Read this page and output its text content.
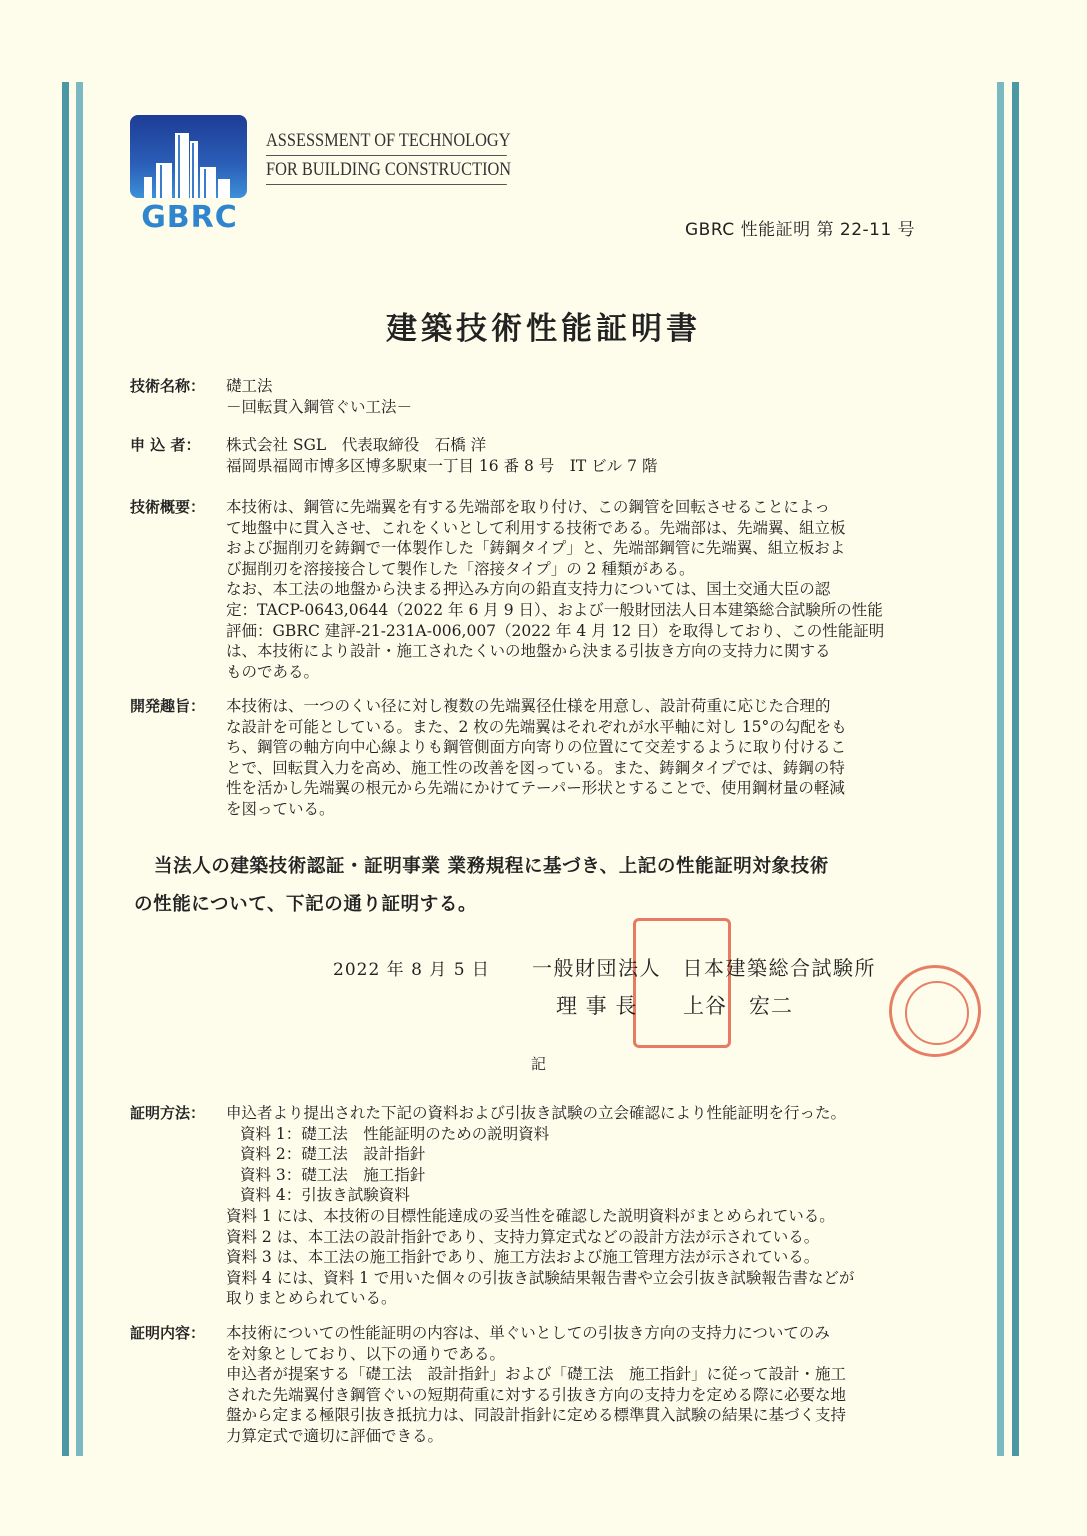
GBRC
ASSESSMENT OF TECHNOLOGY
FOR BUILDING CONSTRUCTION
GBRC 性能証明 第 22-11 号
建築技術性能証明書
技術名称：	礎工法
－回転貫入鋼管ぐい工法－
申 込 者：	株式会社 SGL　代表取締役　石橋 洋
福岡県福岡市博多区博多駅東一丁目 16 番 8 号　IT ビル 7 階
技術概要：	本技術は、鋼管に先端翼を有する先端部を取り付け、この鋼管を回転させることによっ
て地盤中に貫入させ、これをくいとして利用する技術である。先端部は、先端翼、組立板
および掘削刃を鋳鋼で一体製作した「鋳鋼タイプ」と、先端部鋼管に先端翼、組立板およ
び掘削刃を溶接接合して製作した「溶接タイプ」の 2 種類がある。
なお、本工法の地盤から決まる押込み方向の鉛直支持力については、国土交通大臣の認
定：TACP-0643,0644（2022 年 6 月 9 日）、および一般財団法人日本建築総合試験所の性能
評価：GBRC 建評-21-231A-006,007（2022 年 4 月 12 日）を取得しており、この性能証明
は、本技術により設計・施工されたくいの地盤から決まる引抜き方向の支持力に関する
ものである。
開発趣旨：	本技術は、一つのくい径に対し複数の先端翼径仕様を用意し、設計荷重に応じた合理的
な設計を可能としている。また、2 枚の先端翼はそれぞれが水平軸に対し 15°の勾配をも
ち、鋼管の軸方向中心線よりも鋼管側面方向寄りの位置にて交差するように取り付けるこ
とで、回転貫入力を高め、施工性の改善を図っている。また、鋳鋼タイプでは、鋳鋼の特
性を活かし先端翼の根元から先端にかけてテーパー形状とすることで、使用鋼材量の軽減
を図っている。
当法人の建築技術認証・証明事業 業務規程に基づき、上記の性能証明対象技術
の性能について、下記の通り証明する。
2022 年 8 月 5 日 一般財団法人　日本建築総合試験所
理 事 長 上谷　宏二
記
証明方法：	申込者より提出された下記の資料および引抜き試験の立会確認により性能証明を行った。
資料 1：礎工法　性能証明のための説明資料
資料 2：礎工法　設計指針
資料 3：礎工法　施工指針
資料 4：引抜き試験資料
資料 1 には、本技術の目標性能達成の妥当性を確認した説明資料がまとめられている。
資料 2 は、本工法の設計指針であり、支持力算定式などの設計方法が示されている。
資料 3 は、本工法の施工指針であり、施工方法および施工管理方法が示されている。
資料 4 には、資料 1 で用いた個々の引抜き試験結果報告書や立会引抜き試験報告書などが
取りまとめられている。
証明内容：	本技術についての性能証明の内容は、単ぐいとしての引抜き方向の支持力についてのみ
を対象としており、以下の通りである。
申込者が提案する「礎工法　設計指針」および「礎工法　施工指針」に従って設計・施工
された先端翼付き鋼管ぐいの短期荷重に対する引抜き方向の支持力を定める際に必要な地
盤から定まる極限引抜き抵抗力は、同設計指針に定める標準貫入試験の結果に基づく支持
力算定式で適切に評価できる。
